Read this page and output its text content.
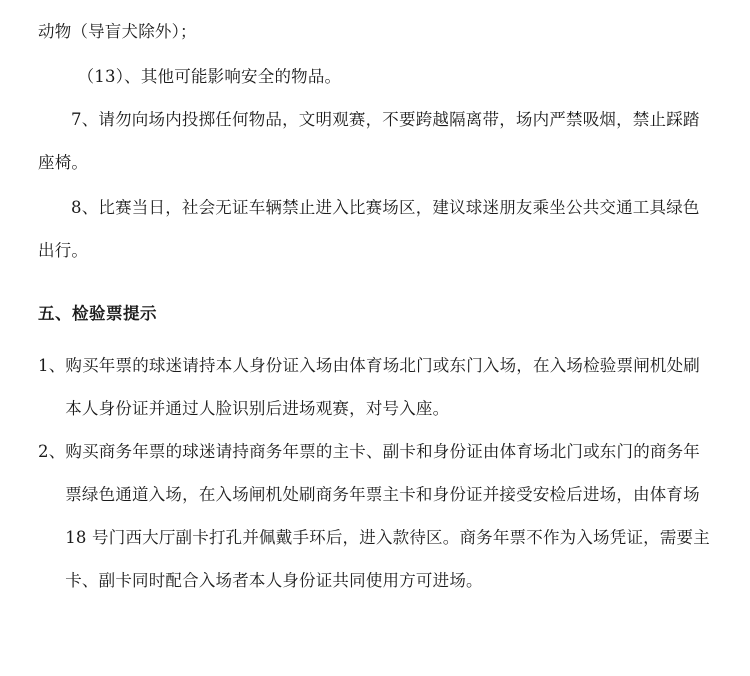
动物（导盲犬除外）；

（13）、其他可能影响安全的物品。

7、请勿向场内投掷任何物品，文明观赛，不要跨越隔离带，场内严禁吸烟，禁止踩踏

座椅。

8、比赛当日，社会无证车辆禁止进入比赛场区，建议球迷朋友乘坐公共交通工具绿色

出行。

五、检验票提示

1、购买年票的球迷请持本人身份证入场由体育场北门或东门入场，在入场检验票闸机处刷

本人身份证并通过人脸识别后进场观赛，对号入座。

2、购买商务年票的球迷请持商务年票的主卡、副卡和身份证由体育场北门或东门的商务年

票绿色通道入场，在入场闸机处刷商务年票主卡和身份证并接受安检后进场，由体育场

18 号门西大厅副卡打孔并佩戴手环后，进入款待区。商务年票不作为入场凭证，需要主

卡、副卡同时配合入场者本人身份证共同使用方可进场。
